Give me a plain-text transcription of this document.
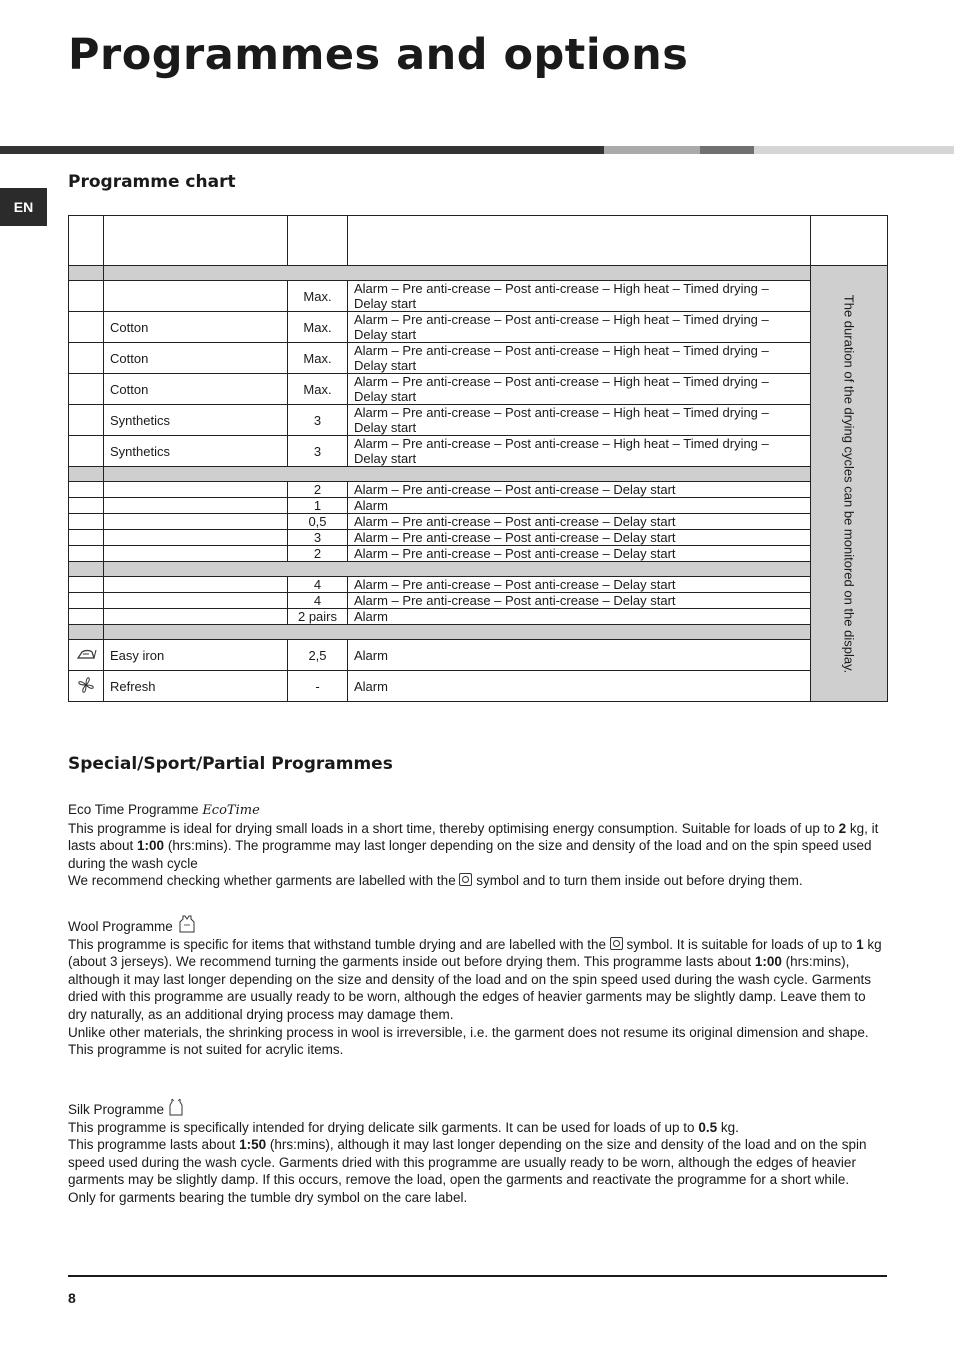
Programmes and options
EN
Programme chart

				The duration of the drying cycles can be monitored on the display.

		Max.	Alarm – Pre anti-crease – Post anti-crease – High heat – Timed drying – Delay start	
	Cotton	Max.	Alarm – Pre anti-crease – Post anti-crease – High heat – Timed drying – Delay start	
	Cotton	Max.	Alarm – Pre anti-crease – Post anti-crease – High heat – Timed drying – Delay start	
	Cotton	Max.	Alarm – Pre anti-crease – Post anti-crease – High heat – Timed drying – Delay start	
	Synthetics	3	Alarm – Pre anti-crease – Post anti-crease – High heat – Timed drying – Delay start	
	Synthetics	3	Alarm – Pre anti-crease – Post anti-crease – High heat – Timed drying – Delay start	

		2	Alarm – Pre anti-crease – Post anti-crease – Delay start	
		1	Alarm	
		0,5	Alarm – Pre anti-crease – Post anti-crease – Delay start	
		3	Alarm – Pre anti-crease – Post anti-crease – Delay start	
		2	Alarm – Pre anti-crease – Post anti-crease – Delay start	

		4	Alarm – Pre anti-crease – Post anti-crease – Delay start	
		4	Alarm – Pre anti-crease – Post anti-crease – Delay start	
		2 pairs	Alarm	

	Easy iron	2,5	Alarm	
	Refresh	-	Alarm	
Special/Sport/Partial Programmes

Eco Time Programme EcoTime

This programme is ideal for drying small loads in a short time, thereby optimising energy consumption. Suitable for loads of up to 2 kg, it lasts about 1:00 (hrs:mins). The programme may last longer depending on the size and density of the load and on the spin speed used during the wash cycle

We recommend checking whether garments are labelled with the  symbol and to turn them inside out before drying them.

Wool Programme

This programme is specific for items that withstand tumble drying and are labelled with the  symbol. It is suitable for loads of up to 1 kg (about 3 jerseys). We recommend turning the garments inside out before drying them. This programme lasts about 1:00 (hrs:mins), although it may last longer depending on the size and density of the load and on the spin speed used during the wash cycle. Garments dried with this programme are usually ready to be worn, although the edges of heavier garments may be slightly damp. Leave them to dry naturally, as an additional drying process may damage them.

Unlike other materials, the shrinking process in wool is irreversible, i.e. the garment does not resume its original dimension and shape.

This programme is not suited for acrylic items.

Silk Programme

This programme is specifically intended for drying delicate silk garments. It can be used for loads of up to 0.5 kg.

This programme lasts about 1:50 (hrs:mins), although it may last longer depending on the size and density of the load and on the spin speed used during the wash cycle. Garments dried with this programme are usually ready to be worn, although the edges of heavier garments may be slightly damp. If this occurs, remove the load, open the garments and reactivate the programme for a short while.

Only for garments bearing the tumble dry symbol on the care label.

8
